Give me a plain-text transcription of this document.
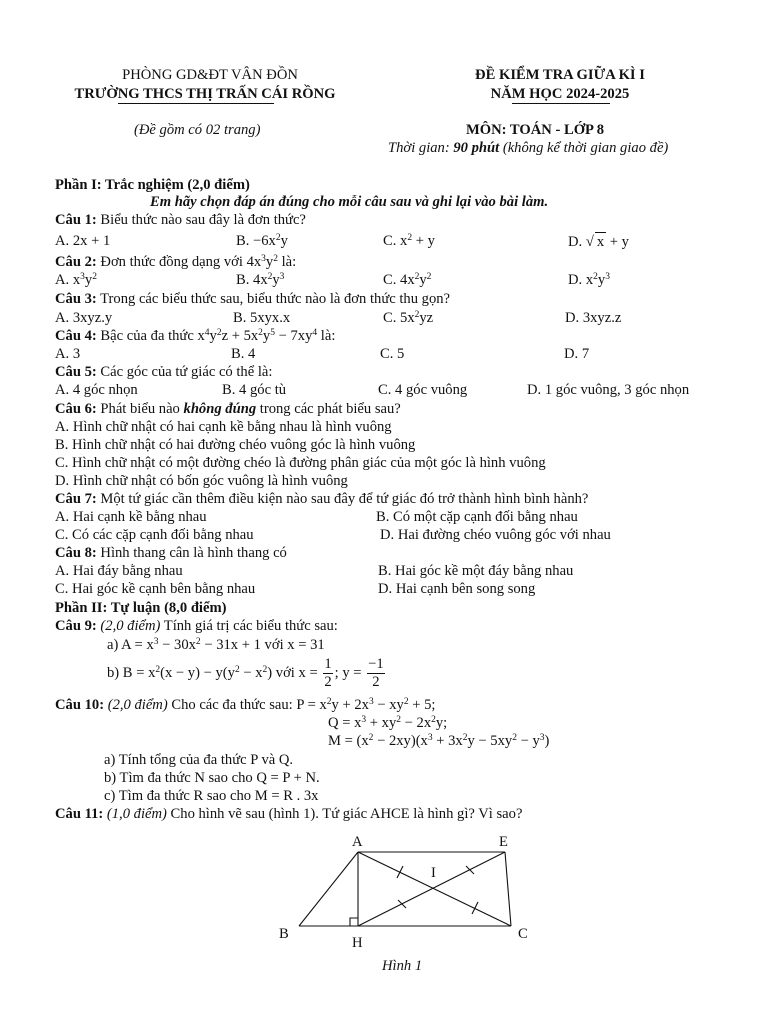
PHÒNG GD&ĐT VÂN ĐỒN
TRƯỜNG THCS THỊ TRẤN CÁI RỒNG
ĐỀ KIỂM TRA GIỮA KÌ I
NĂM HỌC 2024-2025
(Đề gồm có 02 trang)	MÔN: TOÁN - LỚP 8
Thời gian: 90 phút (không kể thời gian giao đề)
Phần I: Trắc nghiệm (2,0 điểm)
Em hãy chọn đáp án đúng cho mỗi câu sau và ghi lại vào bài làm.
Câu 1: Biểu thức nào sau đây là đơn thức?
A. 2x + 1	B. $-6x^2y$	C. $x^2 + y$	D. √ x + y
Câu 2: Đơn thức đồng dạng với $4x^3y^2$ là:
A. $x^3y^2$	B. $4x^2y^3$	C. $4x^2y^2$	D. $x^2y^3$
Câu 3: Trong các biểu thức sau, biểu thức nào là đơn thức thu gọn?
A. 3xyz.y	B. 5xyx.x	C. $5x^2yz$	D. 3xyz.z
Câu 4: Bậc của đa thức $x^4y^2z + 5x^2y^5 - 7xy^4$ là:
A. 3	B. 4	C. 5	D. 7
Câu 5: Các góc của tứ giác có thể là:
A. 4 góc nhọn	B. 4 góc tù	C. 4 góc vuông	D. 1 góc vuông, 3 góc nhọn
Câu 6: Phát biểu nào không đúng trong các phát biểu sau?
A. Hình chữ nhật có hai cạnh kề bằng nhau là hình vuông
B. Hình chữ nhật có hai đường chéo vuông góc là hình vuông
C. Hình chữ nhật có một đường chéo là đường phân giác của một góc là hình vuông
D. Hình chữ nhật có bốn góc vuông là hình vuông
Câu 7: Một tứ giác cần thêm điều kiện nào sau đây để tứ giác đó trở thành hình bình hành?
A. Hai cạnh kề bằng nhau	B. Có một cặp cạnh đối bằng nhau
C. Có các cặp cạnh đối bằng nhau	D. Hai đường chéo vuông góc với nhau
Câu 8: Hình thang cân là hình thang có
A. Hai đáy bằng nhau	B. Hai góc kề một đáy bằng nhau
C. Hai góc kề cạnh bên bằng nhau	D. Hai cạnh bên song song
Phần II: Tự luận (8,0 điểm)
Câu 9: (2,0 điểm) Tính giá trị các biểu thức sau:
a) $A = x^3 - 30x^2 - 31x + 1$ với x = 31
b) $B = x^2(x - y) - y(y^2 - x^2)$ với $x = \frac{1}{2}$ ; $y = \frac{-1}{2}$
Câu 10: (2,0 điểm) Cho các đa thức sau: $P = x^2y + 2x^3 - xy^2 + 5$;
$Q = x^3 + xy^2 - 2x^2y$;
$M = (x^2 - 2xy)(x^3 + 3x^2y - 5xy^2 - y^3)$
a) Tính tổng của đa thức P và Q.
b) Tìm đa thức N sao cho Q = P + N.
c) Tìm đa thức R sao cho M = R . 3x
Câu 11: (1,0 điểm) Cho hình vẽ sau (hình 1). Tứ giác AHCE là hình gì? Vì sao?
A	E
I
B
H
C
Hình 1
